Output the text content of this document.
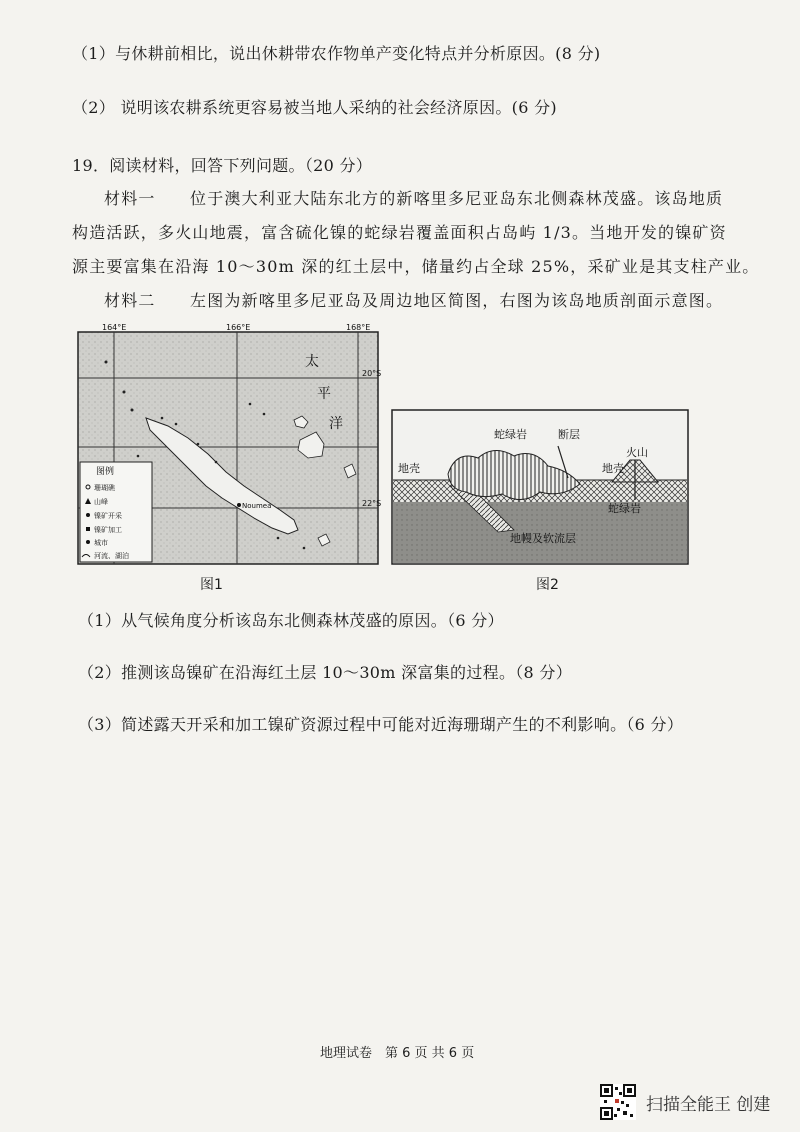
（1）与休耕前相比，说出休耕带农作物单产变化特点并分析原因。(8 分)
（2） 说明该农耕系统更容易被当地人采纳的社会经济原因。(6 分)
19．阅读材料，回答下列问题。（20 分）
材料一　　位于澳大利亚大陆东北方的新喀里多尼亚岛东北侧森林茂盛。该岛地质
构造活跃，多火山地震，富含硫化镍的蛇绿岩覆盖面积占岛屿 1/3。当地开发的镍矿资
源主要富集在沿海 10～30m 深的红土层中，储量约占全球 25%，采矿业是其支柱产业。
材料二　　左图为新喀里多尼亚岛及周边地区简图，右图为该岛地质剖面示意图。
太
平
洋
164°E	166°E	168°E
20°S
22°S
Noumea
图例
珊瑚礁
山峰
镍矿开采
镍矿加工
城市
河流、湖泊
图1
蛇绿岩	断层
地壳
火山
地壳
蛇绿岩
地幔及软流层
图2
（1）从气候角度分析该岛东北侧森林茂盛的原因。（6 分）
（2）推测该岛镍矿在沿海红土层 10～30m 深富集的过程。（8 分）
（3）简述露天开采和加工镍矿资源过程中可能对近海珊瑚产生的不利影响。（6 分）
地理试卷　第 6 页 共 6 页
扫描全能王 创建
